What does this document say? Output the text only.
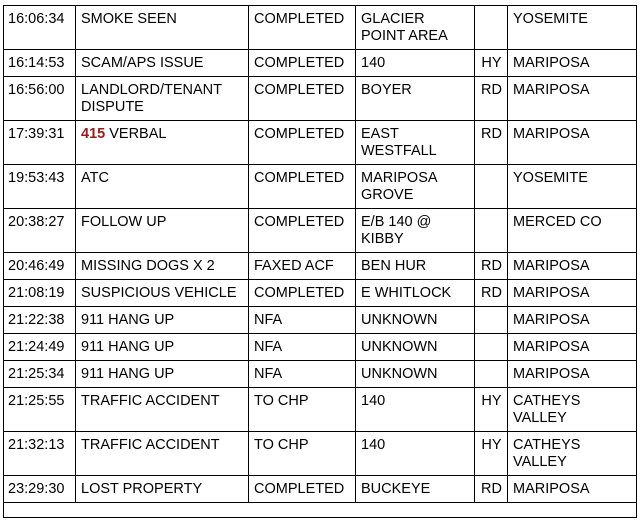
16:06:34	SMOKE SEEN	COMPLETED	GLACIER POINT AREA		YOSEMITE
16:14:53	SCAM/APS ISSUE	COMPLETED	140	HY	MARIPOSA
16:56:00	LANDLORD/TENANT DISPUTE	COMPLETED	BOYER	RD	MARIPOSA
17:39:31	415 VERBAL	COMPLETED	EAST WESTFALL	RD	MARIPOSA
19:53:43	ATC	COMPLETED	MARIPOSA GROVE		YOSEMITE
20:38:27	FOLLOW UP	COMPLETED	E/B 140 @ KIBBY		MERCED CO
20:46:49	MISSING DOGS X 2	FAXED ACF	BEN HUR	RD	MARIPOSA
21:08:19	SUSPICIOUS VEHICLE	COMPLETED	E WHITLOCK	RD	MARIPOSA
21:22:38	911 HANG UP	NFA	UNKNOWN		MARIPOSA
21:24:49	911 HANG UP	NFA	UNKNOWN		MARIPOSA
21:25:34	911 HANG UP	NFA	UNKNOWN		MARIPOSA
21:25:55	TRAFFIC ACCIDENT	TO CHP	140	HY	CATHEYS VALLEY
21:32:13	TRAFFIC ACCIDENT	TO CHP	140	HY	CATHEYS VALLEY
23:29:30	LOST PROPERTY	COMPLETED	BUCKEYE	RD	MARIPOSA
